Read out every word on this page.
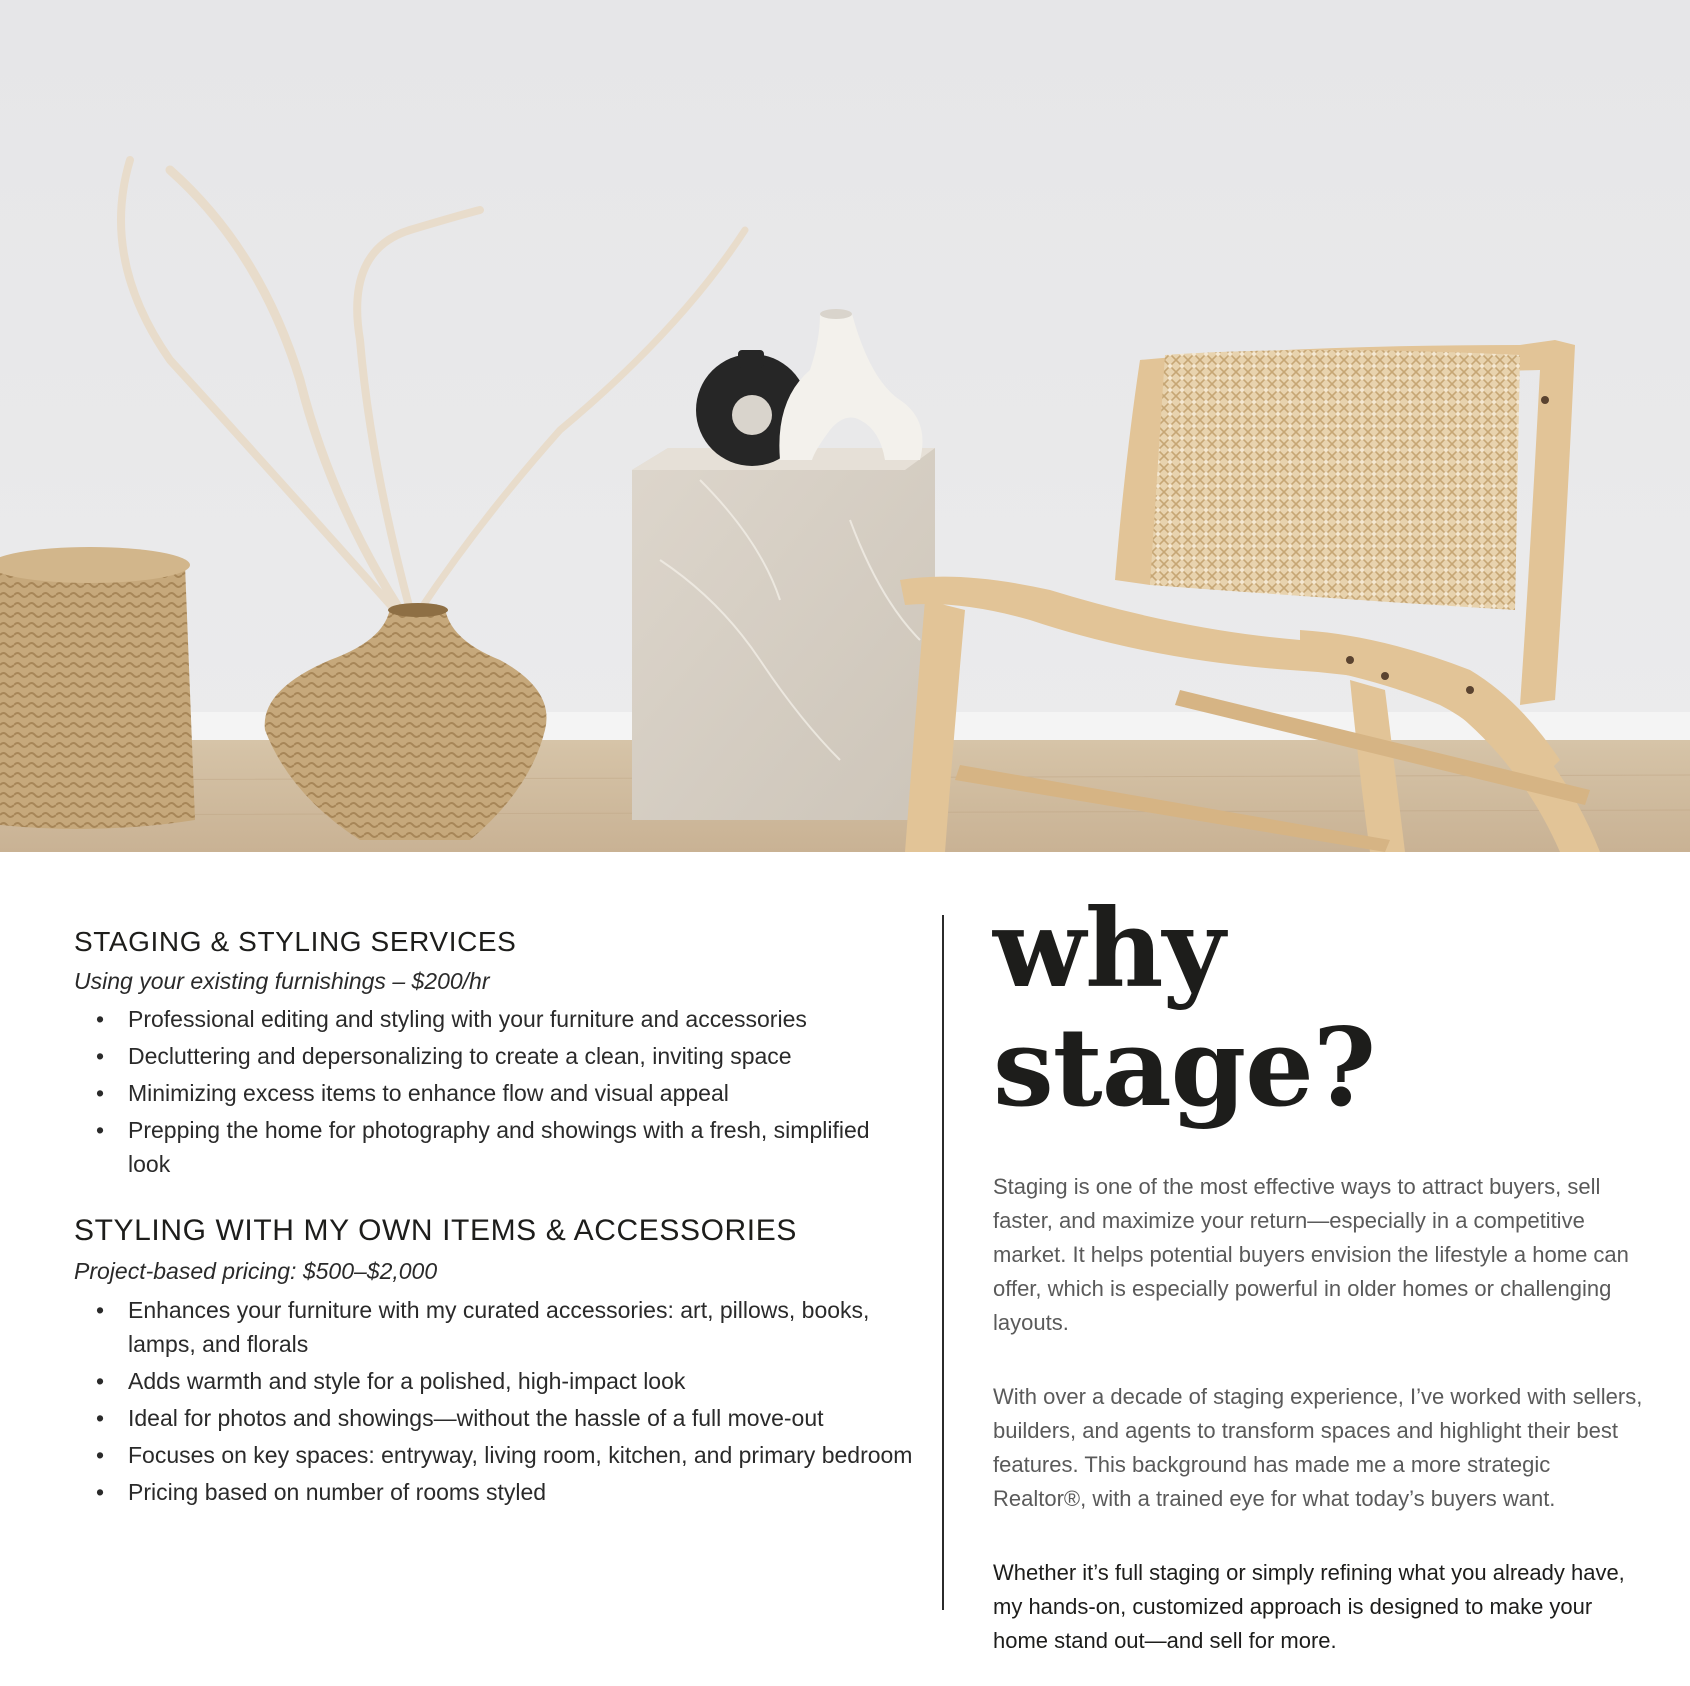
STAGING & STYLING SERVICES
Using your existing furnishings – $200/hr
• Professional editing and styling with your furniture and accessories
• Decluttering and depersonalizing to create a clean, inviting space
• Minimizing excess items to enhance flow and visual appeal
• Prepping the home for photography and showings with a fresh, simplified look
STYLING WITH MY OWN ITEMS & ACCESSORIES
Project-based pricing: $500–$2,000
• Enhances your furniture with my curated accessories: art, pillows, books, lamps, and florals
• Adds warmth and style for a polished, high-impact look
• Ideal for photos and showings—without the hassle of a full move-out
• Focuses on key spaces: entryway, living room, kitchen, and primary bedroom
• Pricing based on number of rooms styled
why stage?

Staging is one of the most effective ways to attract buyers, sell faster, and maximize your return—especially in a competitive market. It helps potential buyers envision the lifestyle a home can offer, which is especially powerful in older homes or challenging layouts.

With over a decade of staging experience, I’ve worked with sellers, builders, and agents to transform spaces and highlight their best features. This background has made me a more strategic Realtor®, with a trained eye for what today’s buyers want.

Whether it’s full staging or simply refining what you already have, my hands-on, customized approach is designed to make your home stand out—and sell for more.
